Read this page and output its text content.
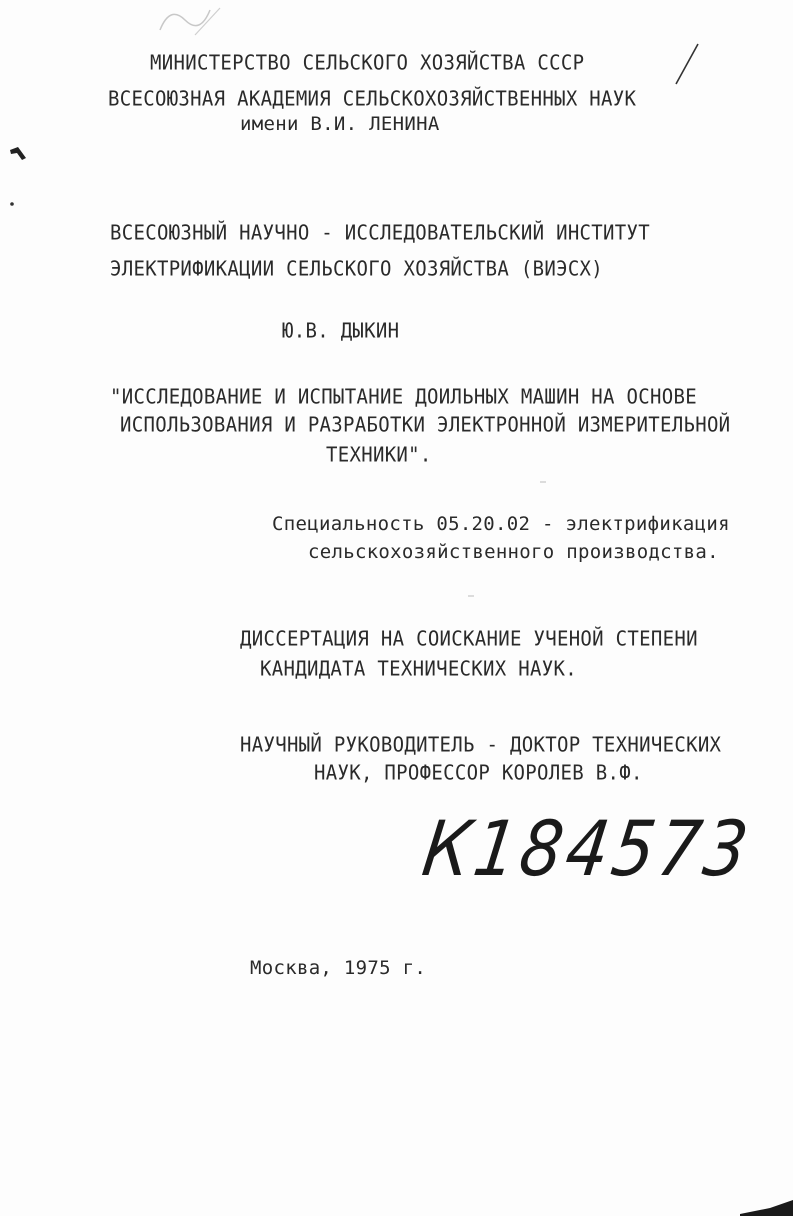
МИНИСТЕРСТВО СЕЛЬСКОГО ХОЗЯЙСТВА СССР
ВСЕСОЮЗНАЯ АКАДЕМИЯ СЕЛЬСКОХОЗЯЙСТВЕННЫХ НАУК
имени В.И. ЛЕНИНА
ВСЕСОЮЗНЫЙ НАУЧНО - ИССЛЕДОВАТЕЛЬСКИЙ ИНСТИТУТ
ЭЛЕКТРИФИКАЦИИ СЕЛЬСКОГО ХОЗЯЙСТВА (ВИЭСХ)
Ю.В. ДЫКИН
"ИССЛЕДОВАНИЕ И ИСПЫТАНИЕ ДОИЛЬНЫХ МАШИН НА ОСНОВЕ
ИСПОЛЬЗОВАНИЯ И РАЗРАБОТКИ ЭЛЕКТРОННОЙ ИЗМЕРИТЕЛЬНОЙ
ТЕХНИКИ".
Специальность 05.20.02 - электрификация
сельскохозяйственного производства.
ДИССЕРТАЦИЯ НА СОИСКАНИЕ УЧЕНОЙ СТЕПЕНИ
КАНДИДАТА ТЕХНИЧЕСКИХ НАУК.
НАУЧНЫЙ РУКОВОДИТЕЛЬ - ДОКТОР ТЕХНИЧЕСКИХ
НАУК, ПРОФЕССОР КОРОЛЕВ В.Ф.
К184573
Москва, 1975 г.
